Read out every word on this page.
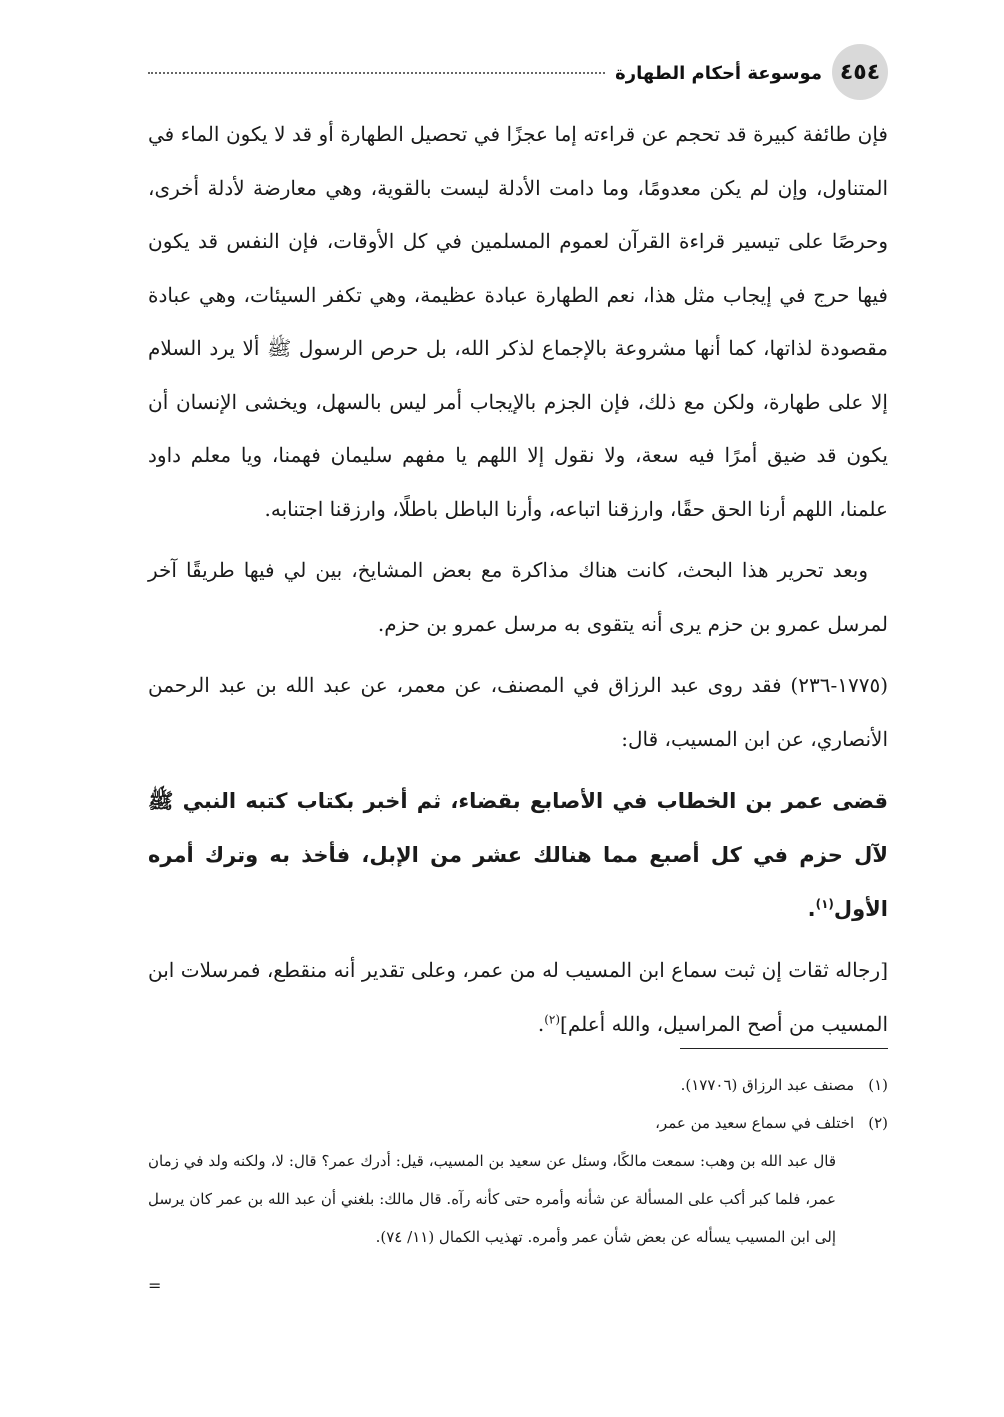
٤٥٤
موسوعة أحكام الطهارة

فإن طائفة كبيرة قد تحجم عن قراءته إما عجزًا في تحصيل الطهارة أو قد لا يكون الماء في المتناول، وإن لم يكن معدومًا، وما دامت الأدلة ليست بالقوية، وهي معارضة لأدلة أخرى، وحرصًا على تيسير قراءة القرآن لعموم المسلمين في كل الأوقات، فإن النفس قد يكون فيها حرج في إيجاب مثل هذا، نعم الطهارة عبادة عظيمة، وهي تكفر السيئات، وهي عبادة مقصودة لذاتها، كما أنها مشروعة بالإجماع لذكر الله، بل حرص الرسول ﷺ ألا يرد السلام إلا على طهارة، ولكن مع ذلك، فإن الجزم بالإيجاب أمر ليس بالسهل، ويخشى الإنسان أن يكون قد ضيق أمرًا فيه سعة، ولا نقول إلا اللهم يا مفهم سليمان فهمنا، ويا معلم داود علمنا، اللهم أرنا الحق حقًا، وارزقنا اتباعه، وأرنا الباطل باطلًا، وارزقنا اجتنابه.

وبعد تحرير هذا البحث، كانت هناك مذاكرة مع بعض المشايخ، بين لي فيها طريقًا آخر لمرسل عمرو بن حزم يرى أنه يتقوى به مرسل عمرو بن حزم.

(١٧٧٥-٢٣٦) فقد روى عبد الرزاق في المصنف، عن معمر، عن عبد الله بن عبد الرحمن الأنصاري، عن ابن المسيب، قال:

قضى عمر بن الخطاب في الأصابع بقضاء، ثم أخبر بكتاب كتبه النبي ﷺ لآل حزم في كل أصبع مما هنالك عشر من الإبل، فأخذ به وترك أمره الأول$^{(١)}$.

[رجاله ثقات إن ثبت سماع ابن المسيب له من عمر، وعلى تقدير أنه منقطع، فمرسلات ابن المسيب من أصح المراسيل، والله أعلم]$^{(٢)}$.

(١)
مصنف عبد الرزاق (١٧٧٠٦).

(٢)
اختلف في سماع سعيد من عمر،

قال عبد الله بن وهب: سمعت مالكًا، وسئل عن سعيد بن المسيب، قيل: أدرك عمر؟ قال: لا، ولكنه ولد في زمان عمر، فلما كبر أكب على المسألة عن شأنه وأمره حتى كأنه رآه. قال مالك: بلغني أن عبد الله بن عمر كان يرسل إلى ابن المسيب يسأله عن بعض شأن عمر وأمره. تهذيب الكمال (١١/ ٧٤).

=
